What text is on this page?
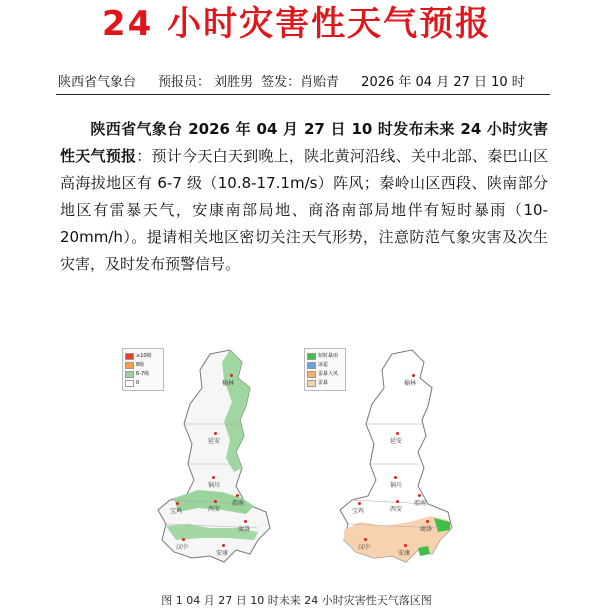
24 小时灾害性天气预报
陕西省气象台 预报员： 刘胜男 签发：肖贻青 2026 年 04 月 27 日 10 时
陕西省气象台 2026 年 04 月 27 日 10 时发布未来 24 小时灾害性天气预报：预计今天白天到晚上，陕北黄河沿线、关中北部、秦巴山区高海拔地区有 6-7 级（10.8-17.1m/s）阵风；秦岭山区西段、陕南部分地区有雷暴天气，安康南部局地、商洛南部局地伴有短时暴雨（10-20mm/h）。提请相关地区密切关注天气形势，注意防范气象灾害及次生灾害，及时发布预警信号。
≥10级
8级
6-7级
0	榆林
延安
铜川
渭南
宝鸡	西安
汉中
商洛
安康
短时暴雨
冰雹
雷暴大风
雷暴	榆林
延安
铜川
渭南
宝鸡	西安
汉中
商洛
安康
图 1 04 月 27 日 10 时未来 24 小时灾害性天气落区图
